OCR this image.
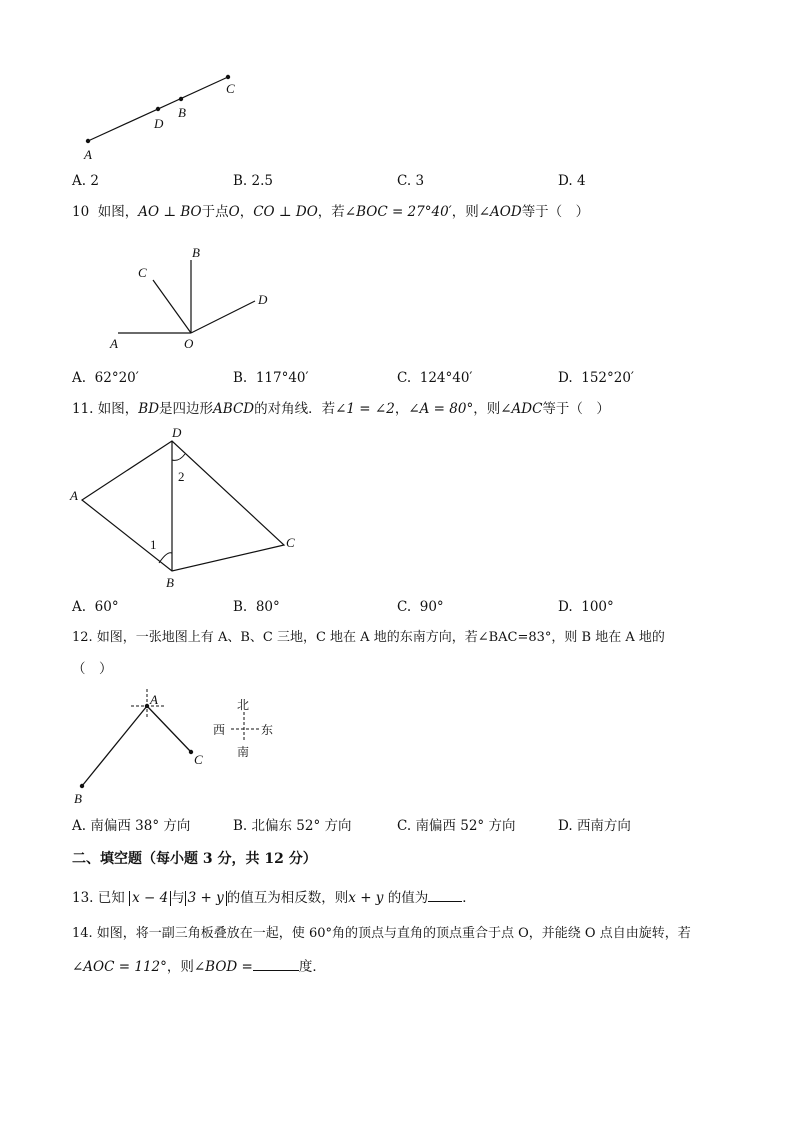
A
D
B
C
A. 2	B. 2.5	C. 3	D. 4
10 如图，AO ⊥ BO于点O，CO ⊥ DO，若∠BOC = 27°40′，则∠AOD等于（　）
A	O
B
C
D
A. 62°20′	B. 117°40′	C. 124°40′	D. 152°20′
11. 如图，BD是四边形ABCD的对角线．若∠1 = ∠2，∠A = 80°，则∠ADC等于（　）
A
D
C
B
1
2
A. 60°	B. 80°	C. 90°	D. 100°
12. 如图，一张地图上有 A、B、C 三地，C 地在 A 地的东南方向，若∠BAC=83°，则 B 地在 A 地的
（　）
A
B
C
北
南
西	东
A. 南偏西 38° 方向	B. 北偏东 52° 方向	C. 南偏西 52° 方向	D. 西南方向
二、填空题（每小题 3 分，共 12 分）
13. 已知 x − 4 与 3 + y 的值互为相反数，则x + y 的值为	．
14. 如图，将一副三角板叠放在一起，使 60°角的顶点与直角的顶点重合于点 O，并能绕 O 点自由旋转，若
∠AOC = 112°，则∠BOD =	度．
